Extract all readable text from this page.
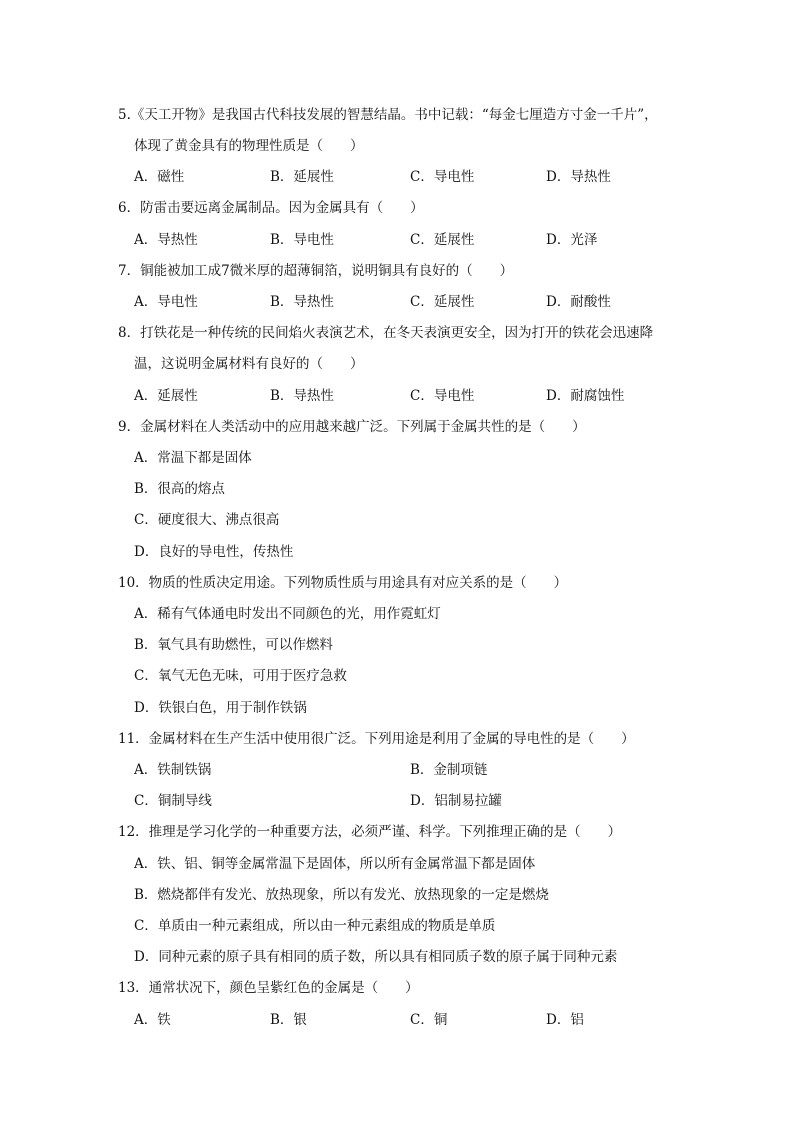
5.《天工开物》是我国古代科技发展的智慧结晶。书中记载：“每金七厘造方寸金一千片”，
体现了黄金具有的物理性质是（　　）
A．磁性	B．延展性	C．导电性	D．导热性
6．防雷击要远离金属制品。因为金属具有（　　）
A．导热性	B．导电性	C．延展性	D．光泽
7．铜能被加工成7微米厚的超薄铜箔，说明铜具有良好的（　　）
A．导电性	B．导热性	C．延展性	D．耐酸性
8．打铁花是一种传统的民间焰火表演艺术，在冬天表演更安全，因为打开的铁花会迅速降
温，这说明金属材料有良好的（　　）
A．延展性	B．导热性	C．导电性	D．耐腐蚀性
9．金属材料在人类活动中的应用越来越广泛。下列属于金属共性的是（　　）
A．常温下都是固体
B．很高的熔点
C．硬度很大、沸点很高
D．良好的导电性，传热性
10．物质的性质决定用途。下列物质性质与用途具有对应关系的是（　　）
A．稀有气体通电时发出不同颜色的光，用作霓虹灯
B．氧气具有助燃性，可以作燃料
C．氧气无色无味，可用于医疗急救
D．铁银白色，用于制作铁锅
11．金属材料在生产生活中使用很广泛。下列用途是利用了金属的导电性的是（　　）
A．铁制铁锅	B．金制项链
C．铜制导线	D．铝制易拉罐
12．推理是学习化学的一种重要方法，必须严谨、科学。下列推理正确的是（　　）
A．铁、铝、铜等金属常温下是固体，所以所有金属常温下都是固体
B．燃烧都伴有发光、放热现象，所以有发光、放热现象的一定是燃烧
C．单质由一种元素组成，所以由一种元素组成的物质是单质
D．同种元素的原子具有相同的质子数，所以具有相同质子数的原子属于同种元素
13．通常状况下，颜色呈紫红色的金属是（　　）
A．铁	B．银	C．铜	D．铝
